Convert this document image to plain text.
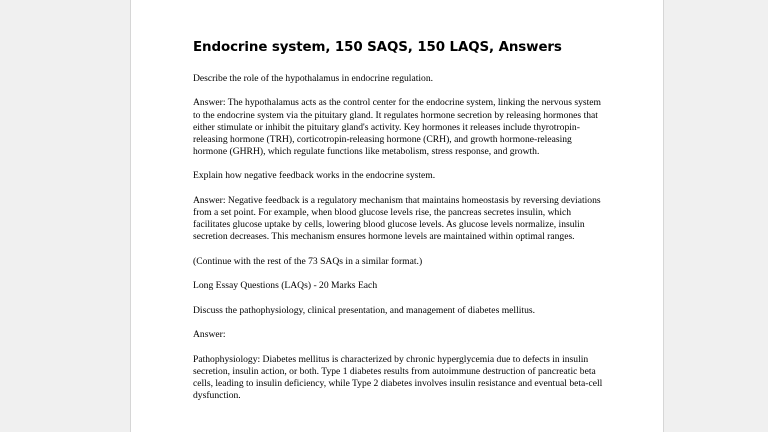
Endocrine system, 150 SAQS, 150 LAQS, Answers

Describe the role of the hypothalamus in endocrine regulation.

Answer: The hypothalamus acts as the control center for the endocrine system, linking the nervous system to the endocrine system via the pituitary gland. It regulates hormone secretion by releasing hormones that either stimulate or inhibit the pituitary gland's activity. Key hormones it releases include thyrotropin-releasing hormone (TRH), corticotropin-releasing hormone (CRH), and growth hormone-releasing hormone (GHRH), which regulate functions like metabolism, stress response, and growth.

Explain how negative feedback works in the endocrine system.

Answer: Negative feedback is a regulatory mechanism that maintains homeostasis by reversing deviations from a set point. For example, when blood glucose levels rise, the pancreas secretes insulin, which facilitates glucose uptake by cells, lowering blood glucose levels. As glucose levels normalize, insulin secretion decreases. This mechanism ensures hormone levels are maintained within optimal ranges.

(Continue with the rest of the 73 SAQs in a similar format.)

Long Essay Questions (LAQs) - 20 Marks Each

Discuss the pathophysiology, clinical presentation, and management of diabetes mellitus.

Answer:

Pathophysiology: Diabetes mellitus is characterized by chronic hyperglycemia due to defects in insulin secretion, insulin action, or both. Type 1 diabetes results from autoimmune destruction of pancreatic beta cells, leading to insulin deficiency, while Type 2 diabetes involves insulin resistance and eventual beta-cell dysfunction.
